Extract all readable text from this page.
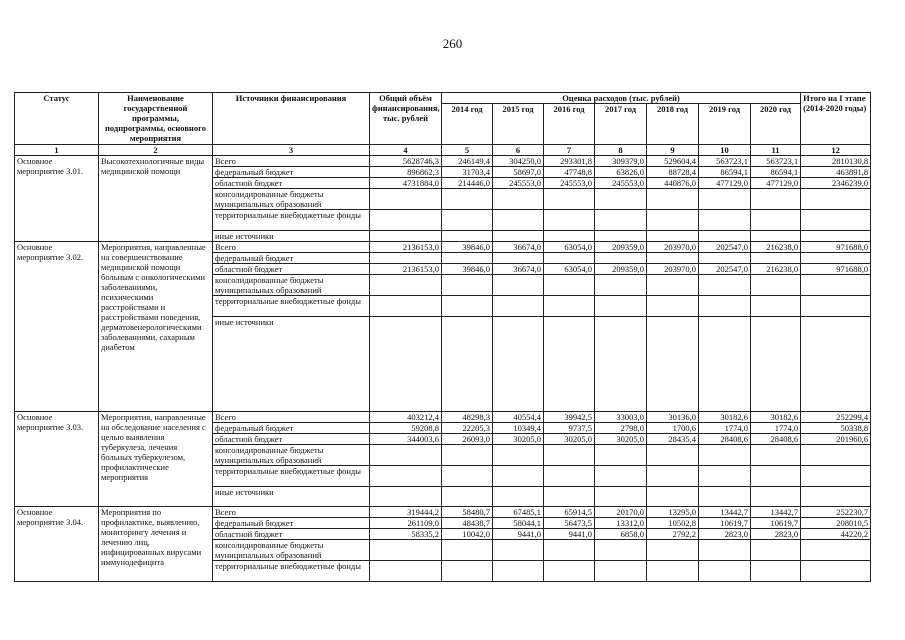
260
Статус	Наименование государственной программы, подпрограммы, основного мероприятия	Источники финансирования	Общий объём финансирования, тыс. рублей	Оценка расходов (тыс. рублей)							Итого на I этапе (2014-2020 годы)
				2014 год	2015 год	2016 год	2017 год	2018 год	2019 год	2020 год	
1	2	3	4	5	6	7	8	9	10	11	12
Основное мероприятие 3.01.	Высокотехнологичные виды медицинской помощи	Всего	5628746,3	246149,4	304250,0	293301,8	309379,0	529604,4	563723,1	563723,1	2810130,8
		федеральный бюджет	896862,3	31703,4	58697,0	47748,8	63826,0	88728,4	86594,1	86594,1	463891,8
		областной бюджет	4731884,0	214446,0	245553,0	245553,0	245553,0	440876,0	477129,0	477129,0	2346239,0
		консолидированные бюджеты муниципальных образований									
		территориальные внебюджетные фонды									
		иные источники									
Основное мероприятие 3.02.	Мероприятия, направленные на совершенствование медицинской помощи больным с онкологическими заболеваниями, психическими расстройствами и расстройствами поведения, дерматовенерологическими заболеваниями, сахарным диабетом	Всего	2136153,0	39846,0	36674,0	63054,0	209359,0	203970,0	202547,0	216238,0	971688,0
		федеральный бюджет									
		областной бюджет	2136153,0	39846,0	36674,0	63054,0	209359,0	203970,0	202547,0	216238,0	971688,0
		консолидированные бюджеты муниципальных образований									
		территориальные внебюджетные фонды									
		иные источники									
Основное мероприятие 3.03.	Мероприятия, направленные на обследование населения с целью выявления туберкулеза, лечения больных туберкулезом, профилактические мероприятия	Всего	403212,4	48298,3	40554,4	39942,5	33003,0	30136,0	30182,6	30182,6	252299,4
		федеральный бюджет	59208,8	22205,3	10349,4	9737,5	2798,0	1700,6	1774,0	1774,0	50338,8
		областной бюджет	344003,6	26093,0	30205,0	30205,0	30205,0	28435,4	28408,6	28408,6	201960,6
		консолидированные бюджеты муниципальных образований									
		территориальные внебюджетные фонды									
		иные источники									
Основное мероприятие 3.04.	Мероприятия по профилактике, выявлению, мониторингу лечения и лечению лиц, инфицированных вирусами иммунодефицита	Всего	319444,2	58480,7	67485,1	65914,5	20170,0	13295,0	13442,7	13442,7	252230,7
		федеральный бюджет	261109,0	48438,7	58044,1	56473,5	13312,0	10502,8	10619,7	10619,7	208010,5
		областной бюджет	58335,2	10042,0	9441,0	9441,0	6858,0	2792,2	2823,0	2823,0	44220,2
		консолидированные бюджеты муниципальных образований									
		территориальные внебюджетные фонды									
